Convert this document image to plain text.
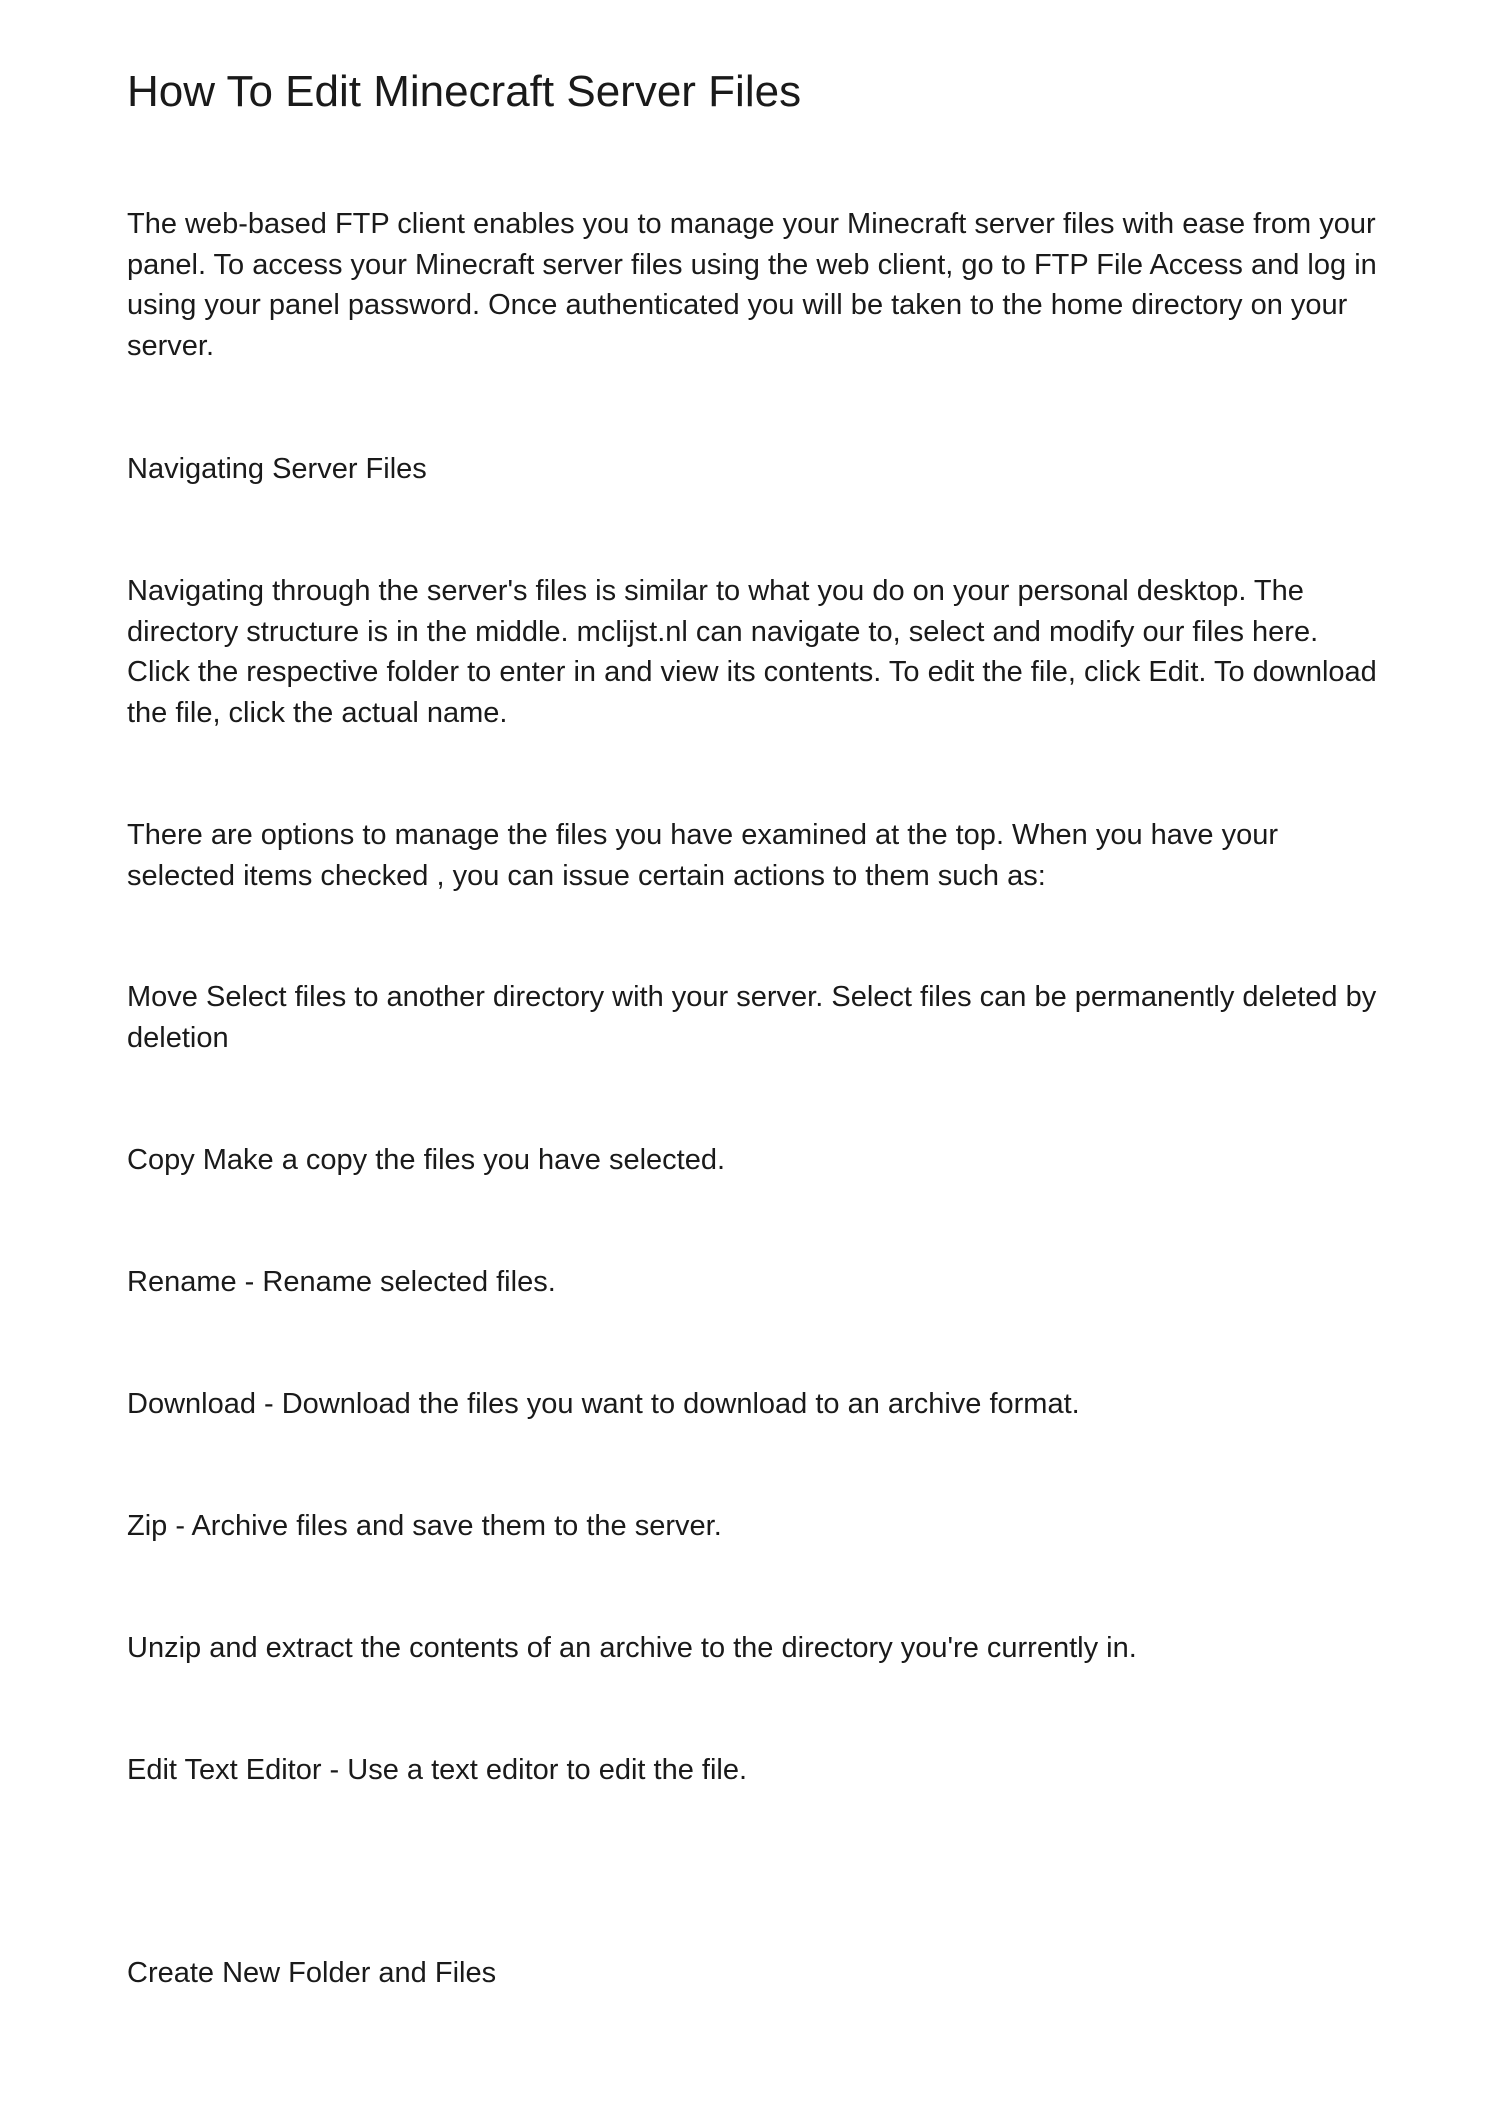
How To Edit Minecraft Server Files

The web-based FTP client enables you to manage your Minecraft server files with ease from your panel. To access your Minecraft server files using the web client, go to FTP File Access and log in using your panel password. Once authenticated you will be taken to the home directory on your server.

Navigating Server Files

Navigating through the server's files is similar to what you do on your personal desktop. The directory structure is in the middle. mclijst.nl can navigate to, select and modify our files here. Click the respective folder to enter in and view its contents. To edit the file, click Edit. To download the file, click the actual name.

There are options to manage the files you have examined at the top. When you have your selected items checked , you can issue certain actions to them such as:

Move Select files to another directory with your server. Select files can be permanently deleted by deletion

Copy Make a copy the files you have selected.

Rename - Rename selected files.

Download - Download the files you want to download to an archive format.

Zip - Archive files and save them to the server.

Unzip and extract the contents of an archive to the directory you're currently in.

Edit Text Editor - Use a text editor to edit the file.

Create New Folder and Files
